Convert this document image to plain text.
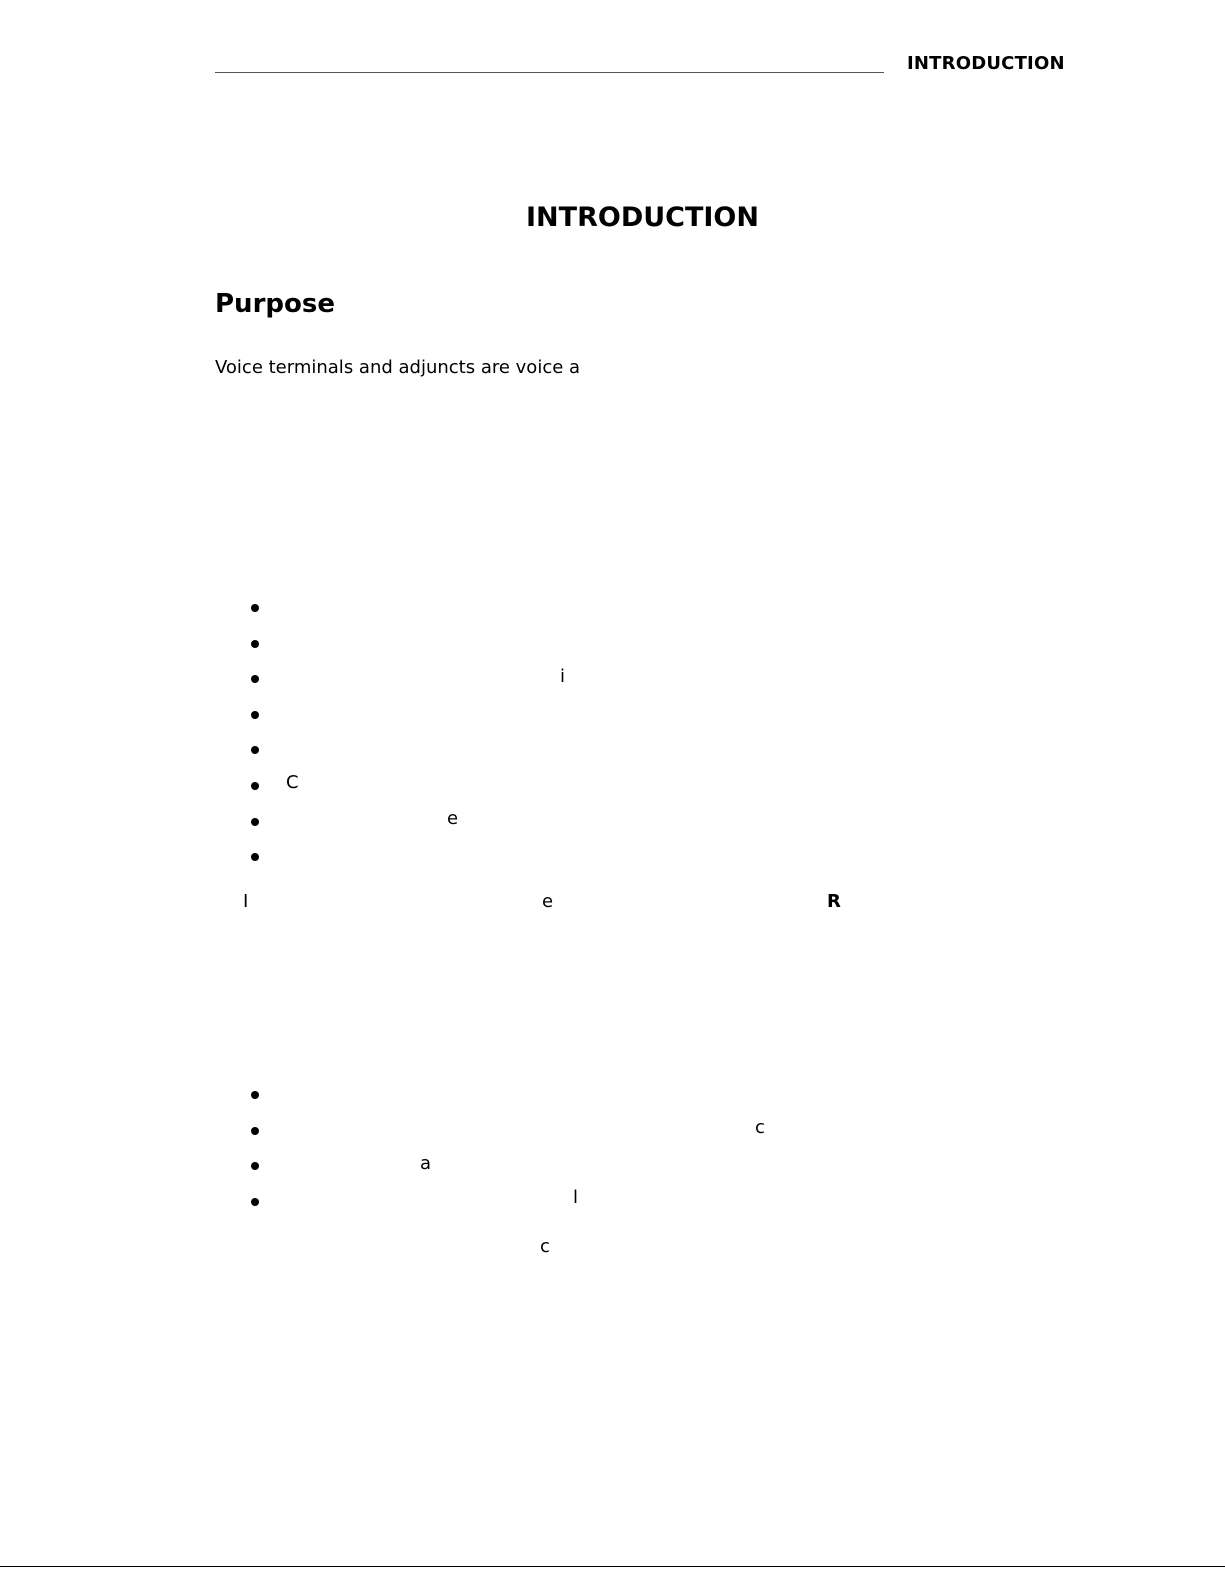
INTRODUCTION
INTRODUCTION
Purpose
Voice terminals and adjuncts are voice a
i
C
e
I	e	R
c
a
l
c
